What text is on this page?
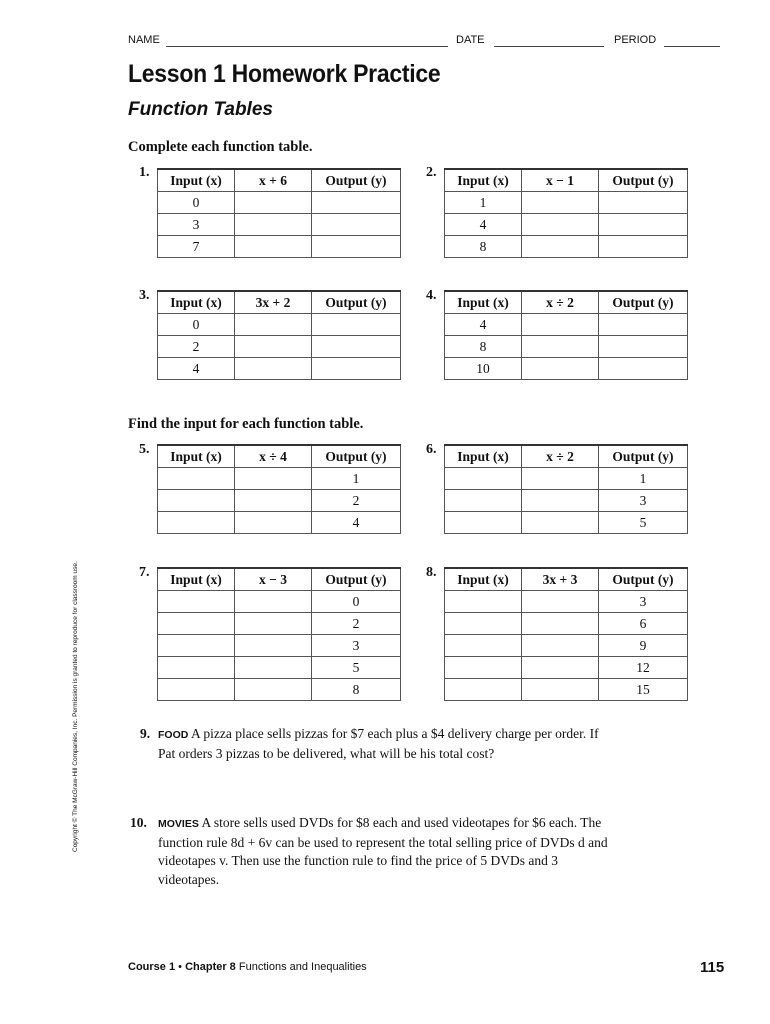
NAME	DATE	PERIOD
Lesson 1 Homework Practice
Function Tables
Complete each function table.
1.	2.
3.	4.
5.	6.
7.	8.
Input (x)	x + 6	Output (y)
0		
3		
7		
Input (x)	x − 1	Output (y)
1		
4		
8		
Input (x)	3x + 2	Output (y)
0		
2		
4		
Input (x)	x ÷ 2	Output (y)
4		
8		
10		
Find the input for each function table.
Input (x)	x ÷ 4	Output (y)
		1
		2
		4
Input (x)	x ÷ 2	Output (y)
		1
		3
		5
Input (x)	x − 3	Output (y)
		0
		2
		3
		5
		8
Input (x)	3x + 3	Output (y)
		3
		6
		9
		12
		15
9. FOOD A pizza place sells pizzas for $7 each plus a $4 delivery charge per order. If Pat orders 3 pizzas to be delivered, what will be his total cost?
10. MOVIES A store sells used DVDs for $8 each and used videotapes for $6 each. The function rule 8d + 6v can be used to represent the total selling price of DVDs d and videotapes v. Then use the function rule to find the price of 5 DVDs and 3 videotapes.
Copyright © The McGraw-Hill Companies, Inc. Permission is granted to reproduce for classroom use.
Course 1 • Chapter 8 Functions and Inequalities	115
